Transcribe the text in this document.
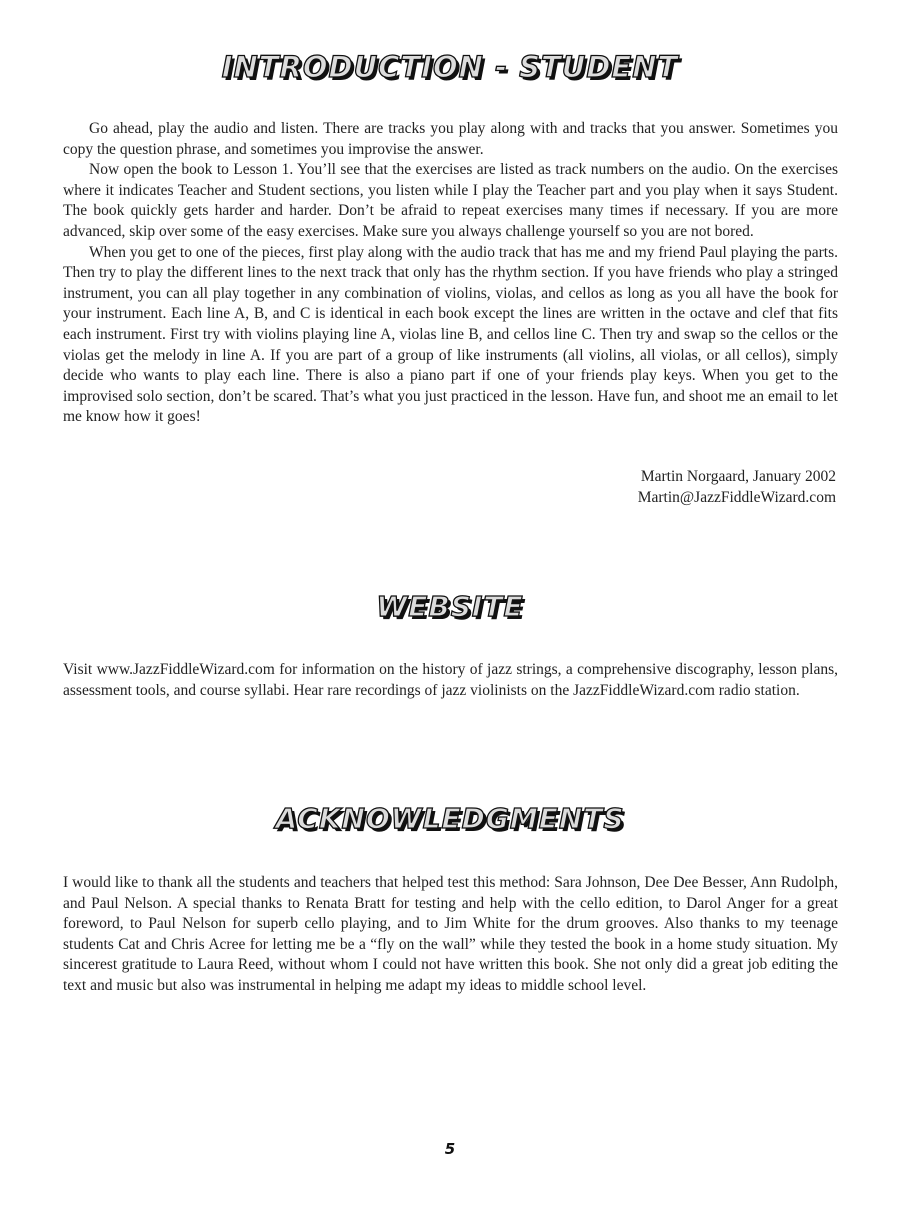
INTRODUCTION - STUDENT

Go ahead, play the audio and listen. There are tracks you play along with and tracks that you answer. Sometimes you copy the question phrase, and sometimes you improvise the answer.

Now open the book to Lesson 1. You’ll see that the exercises are listed as track numbers on the audio. On the exercises where it indicates Teacher and Student sections, you listen while I play the Teacher part and you play when it says Student. The book quickly gets harder and harder. Don’t be afraid to repeat exercises many times if necessary. If you are more advanced, skip over some of the easy exercises. Make sure you always challenge yourself so you are not bored.

When you get to one of the pieces, first play along with the audio track that has me and my friend Paul playing the parts. Then try to play the different lines to the next track that only has the rhythm section. If you have friends who play a stringed instrument, you can all play together in any combination of violins, violas, and cellos as long as you all have the book for your instrument. Each line A, B, and C is identical in each book except the lines are written in the octave and clef that fits each instrument. First try with violins playing line A, violas line B, and cellos line C. Then try and swap so the cellos or the violas get the melody in line A. If you are part of a group of like instruments (all violins, all violas, or all cellos), simply decide who wants to play each line. There is also a piano part if one of your friends play keys. When you get to the improvised solo section, don’t be scared. That’s what you just practiced in the lesson. Have fun, and shoot me an email to let me know how it goes!

Martin Norgaard, January 2002
Martin@JazzFiddleWizard.com
WEBSITE

Visit www.JazzFiddleWizard.com for information on the history of jazz strings, a comprehensive discography, lesson plans, assessment tools, and course syllabi. Hear rare recordings of jazz violinists on the JazzFiddleWizard.com radio station.

ACKNOWLEDGMENTS

I would like to thank all the students and teachers that helped test this method: Sara Johnson, Dee Dee Besser, Ann Rudolph, and Paul Nelson. A special thanks to Renata Bratt for testing and help with the cello edition, to Darol Anger for a great foreword, to Paul Nelson for superb cello playing, and to Jim White for the drum grooves. Also thanks to my teenage students Cat and Chris Acree for letting me be a “fly on the wall” while they tested the book in a home study situation. My sincerest gratitude to Laura Reed, without whom I could not have written this book. She not only did a great job editing the text and music but also was instrumental in helping me adapt my ideas to middle school level.

5
